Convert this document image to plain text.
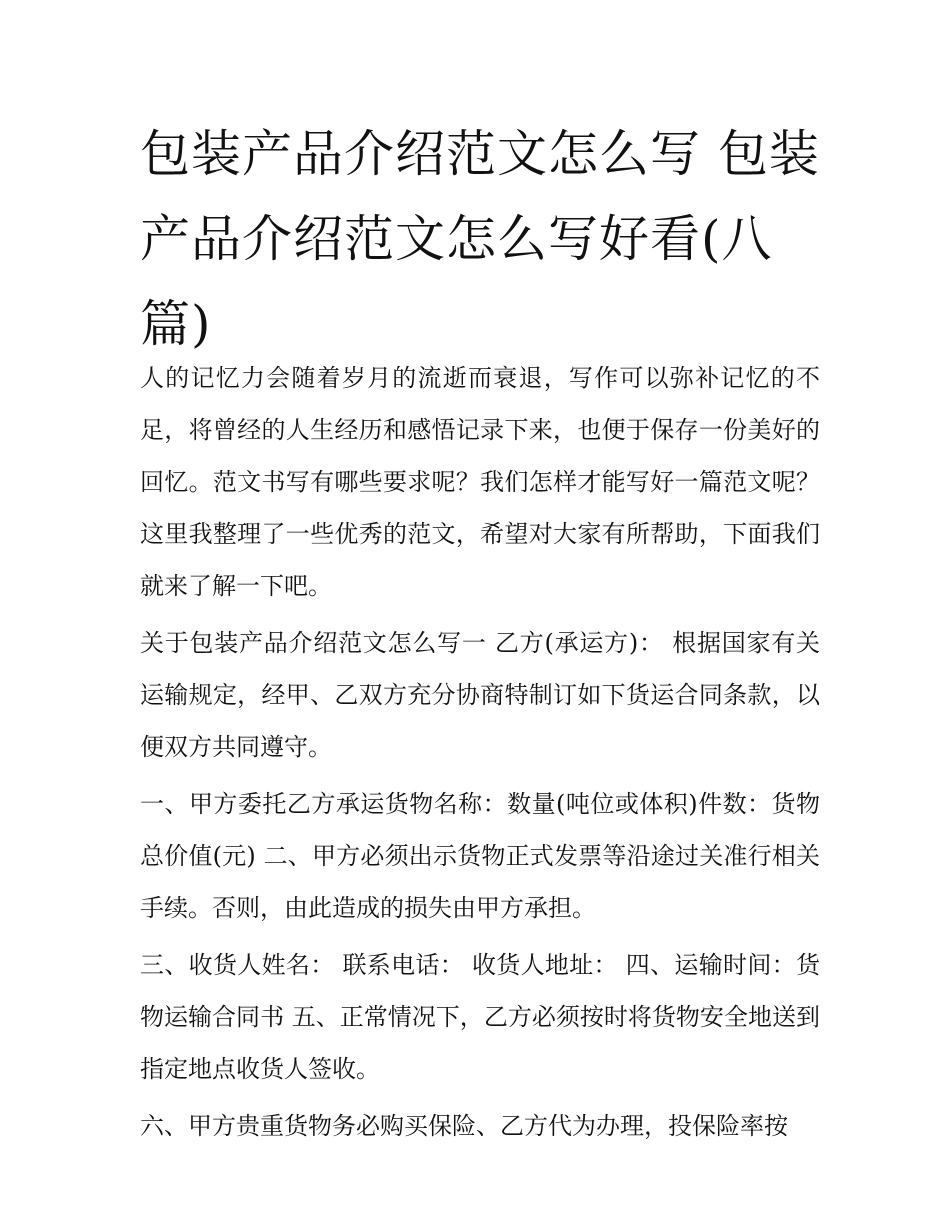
包装产品介绍范文怎么写 包装产品介绍范文怎么写好看(八篇)

人的记忆力会随着岁月的流逝而衰退，写作可以弥补记忆的不足，将曾经的人生经历和感悟记录下来，也便于保存一份美好的回忆。范文书写有哪些要求呢？我们怎样才能写好一篇范文呢？这里我整理了一些优秀的范文，希望对大家有所帮助，下面我们就来了解一下吧。

关于包装产品介绍范文怎么写一 乙方(承运方)： 根据国家有关运输规定，经甲、乙双方充分协商特制订如下货运合同条款，以便双方共同遵守。

一、甲方委托乙方承运货物名称：数量(吨位或体积)件数：货物总价值(元) 二、甲方必须出示货物正式发票等沿途过关准行相关手续。否则，由此造成的损失由甲方承担。

三、收货人姓名： 联系电话： 收货人地址： 四、运输时间：货物运输合同书 五、正常情况下，乙方必须按时将货物安全地送到指定地点收货人签收。

六、甲方贵重货物务必购买保险、乙方代为办理，投保险率按
